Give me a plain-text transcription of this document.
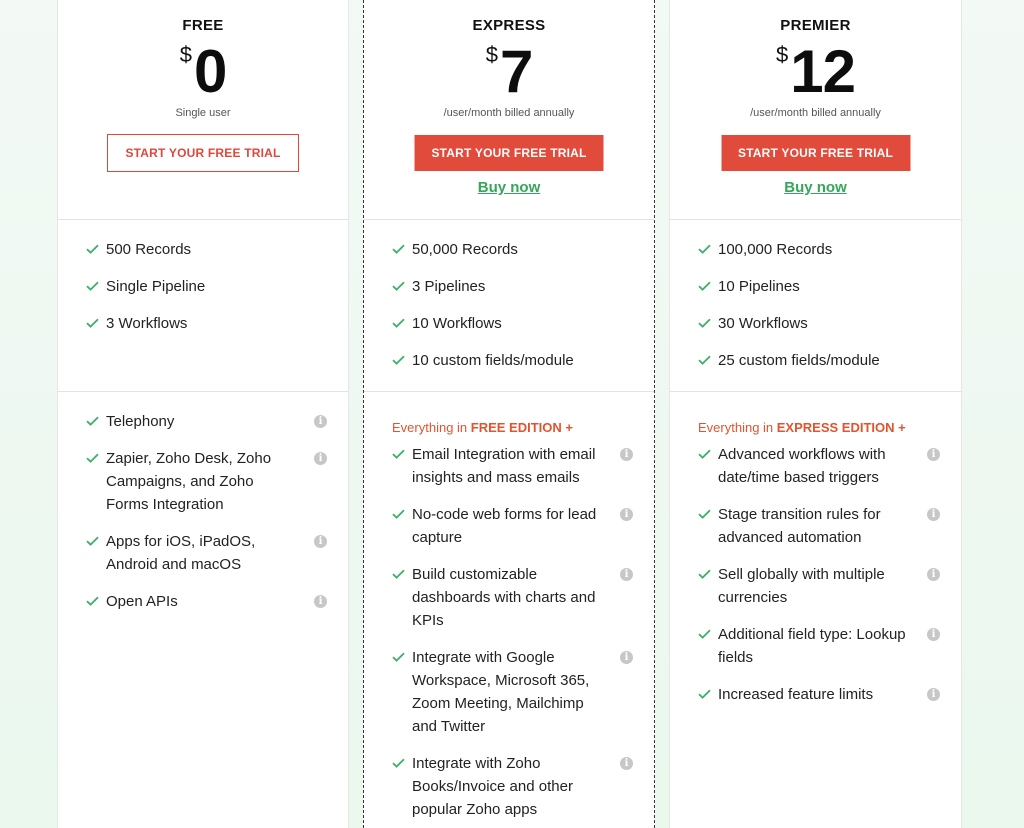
FREE
$ 0
Single user
START YOUR FREE TRIAL
500 Records
Single Pipeline
3 Workflows
Telephony	i
Zapier, Zoho Desk, Zoho Campaigns, and Zoho Forms Integration
i
Apps for iOS, iPadOS, Android and macOS
i
Open APIs	i
EXPRESS
$ 7
/user/month billed annually
START YOUR FREE TRIAL
Buy now
50,000 Records
3 Pipelines
10 Workflows
10 custom fields/module
Everything in FREE EDITION +
Email Integration with email insights and mass emails
i
No-code web forms for lead capture
i
Build customizable dashboards with charts and KPIs
i
Integrate with Google Workspace, Microsoft 365, Zoom Meeting, Mailchimp and Twitter
i
Integrate with Zoho Books/Invoice and other popular Zoho apps
i
PREMIER
$ 12
/user/month billed annually
START YOUR FREE TRIAL
Buy now
100,000 Records
10 Pipelines
30 Workflows
25 custom fields/module
Everything in EXPRESS EDITION +
Advanced workflows with date/time based triggers
i
Stage transition rules for advanced automation
i
Sell globally with multiple currencies
i
Additional field type: Lookup fields
i
Increased feature limits	i
